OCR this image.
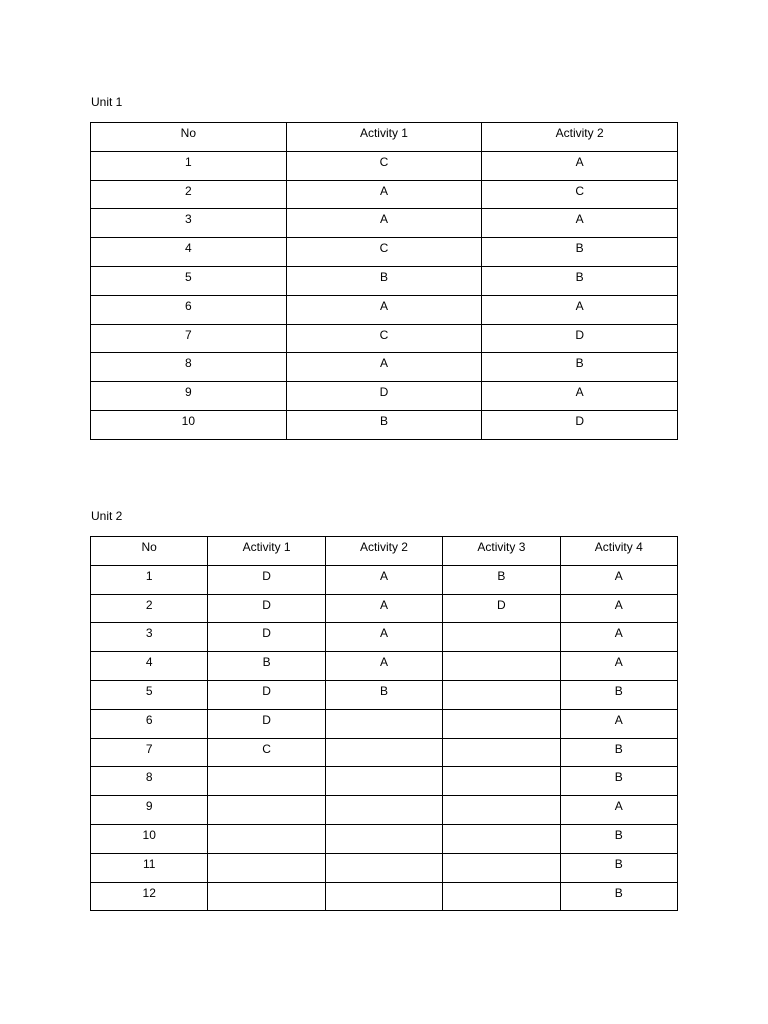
Unit 1
No	Activity 1	Activity 2
1	C	A
2	A	C
3	A	A
4	C	B
5	B	B
6	A	A
7	C	D
8	A	B
9	D	A
10	B	D
Unit 2
No	Activity 1	Activity 2	Activity 3	Activity 4
1	D	A	B	A
2	D	A	D	A
3	D	A		A
4	B	A		A
5	D	B		B
6	D			A
7	C			B
8				B
9				A
10				B
11				B
12				B
